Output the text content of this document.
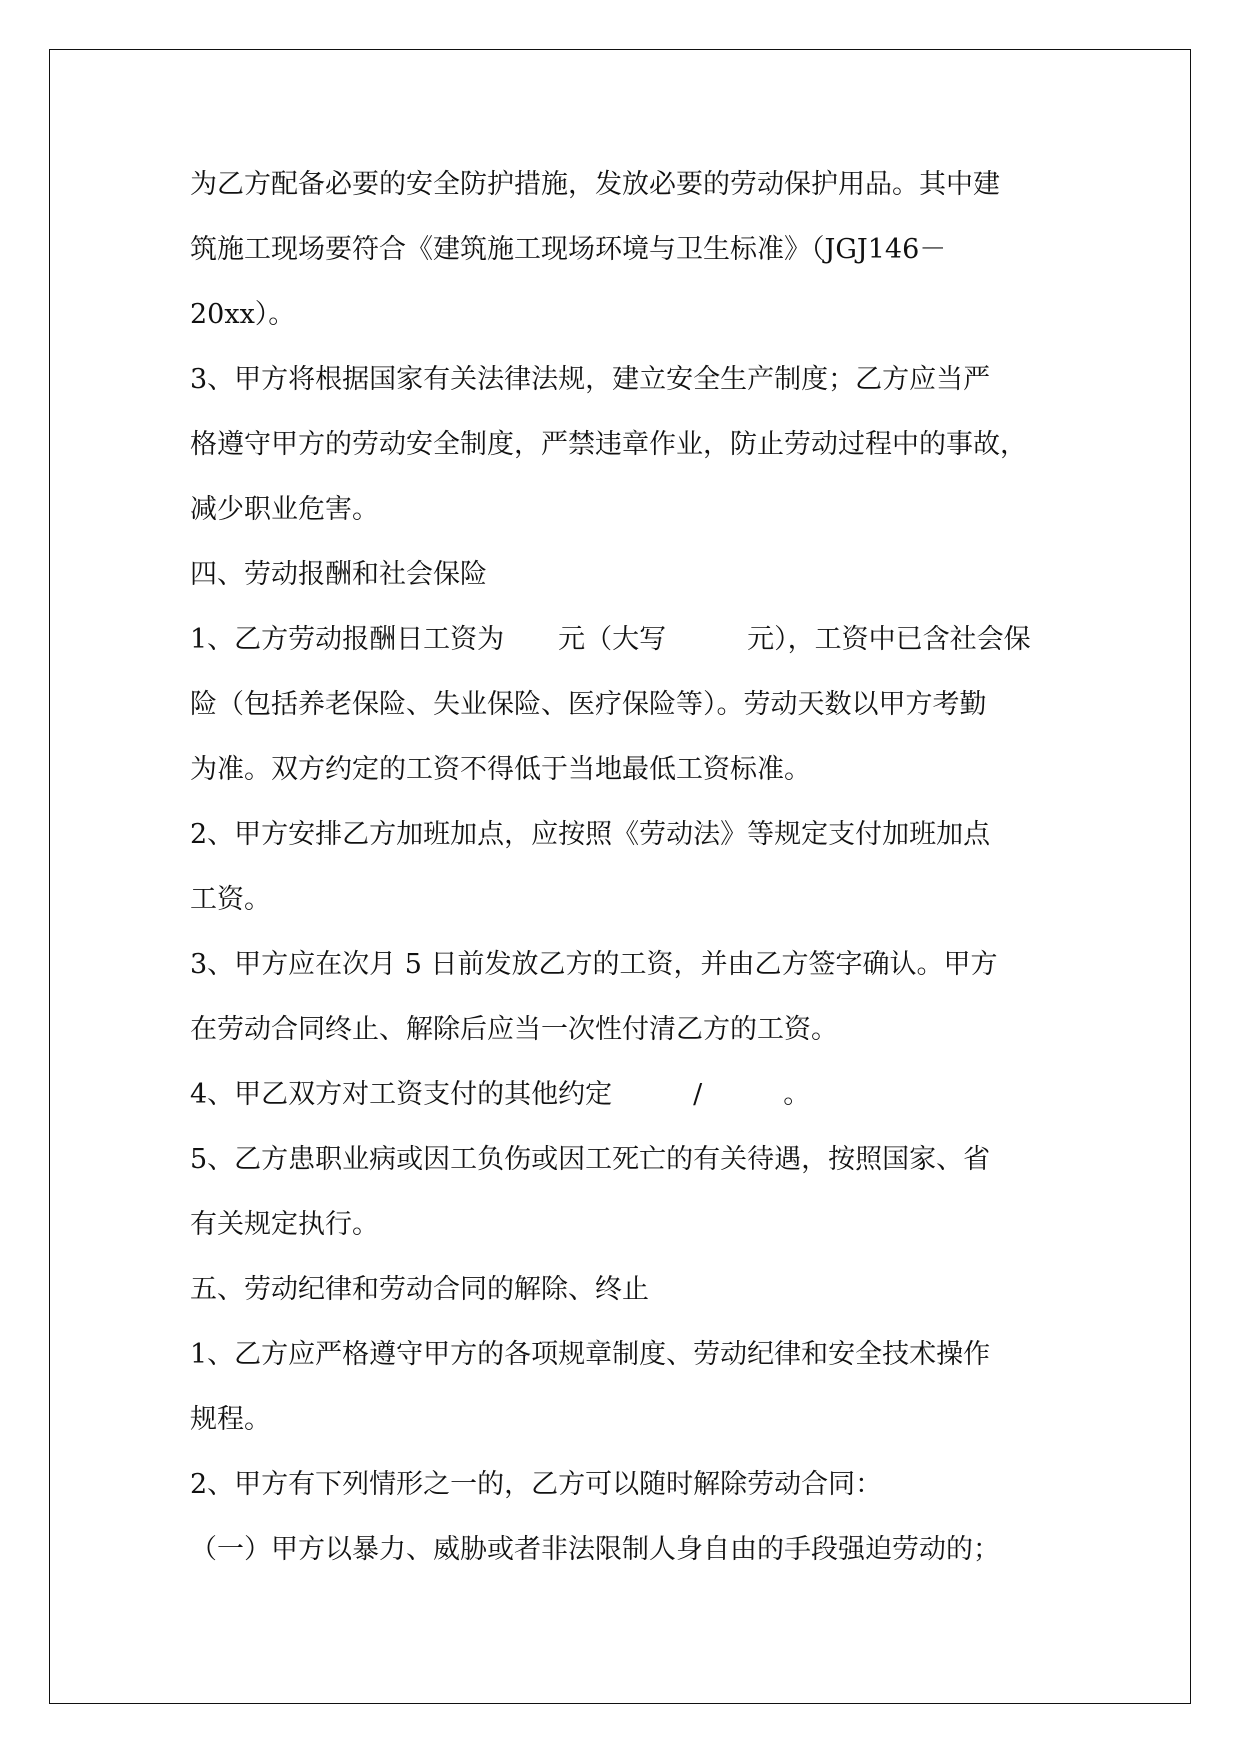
为乙方配备必要的安全防护措施，发放必要的劳动保护用品。其中建
筑施工现场要符合《建筑施工现场环境与卫生标准》（JGJ146－
20xx）。
3、甲方将根据国家有关法律法规，建立安全生产制度；乙方应当严
格遵守甲方的劳动安全制度，严禁违章作业，防止劳动过程中的事故，
减少职业危害。
四、劳动报酬和社会保险
1、乙方劳动报酬日工资为　　元（大写　　　元），工资中已含社会保
险（包括养老保险、失业保险、医疗保险等）。劳动天数以甲方考勤
为准。双方约定的工资不得低于当地最低工资标准。
2、甲方安排乙方加班加点，应按照《劳动法》等规定支付加班加点
工资。
3、甲方应在次月 5 日前发放乙方的工资，并由乙方签字确认。甲方
在劳动合同终止、解除后应当一次性付清乙方的工资。
4、甲乙双方对工资支付的其他约定　　　/　　　。
5、乙方患职业病或因工负伤或因工死亡的有关待遇，按照国家、省
有关规定执行。
五、劳动纪律和劳动合同的解除、终止
1、乙方应严格遵守甲方的各项规章制度、劳动纪律和安全技术操作
规程。
2、甲方有下列情形之一的，乙方可以随时解除劳动合同：
（一）甲方以暴力、威胁或者非法限制人身自由的手段强迫劳动的；
